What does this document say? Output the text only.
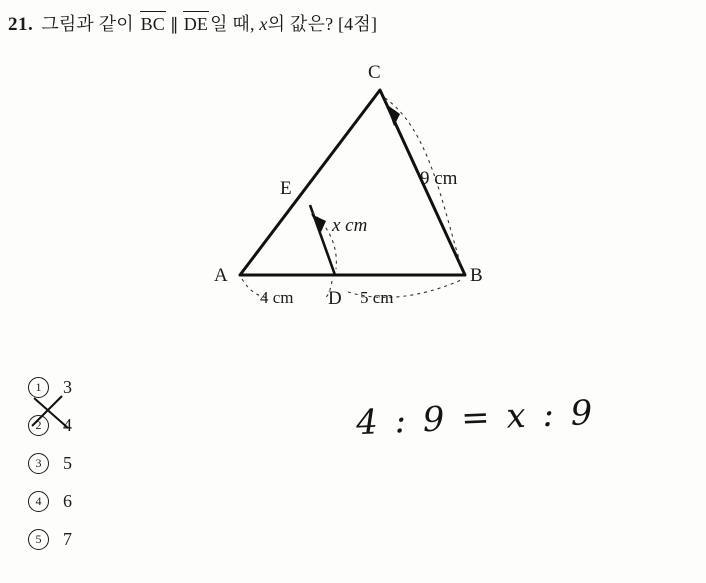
21. 그림과 같이 BC ∥ DE 일 때, x의 값은? [4점]
C
E
A
D
B
9 cm
x cm
4 cm	5 cm
1	3
2	4
3	5
4	6
5	7
4 : 9 = x : 9
